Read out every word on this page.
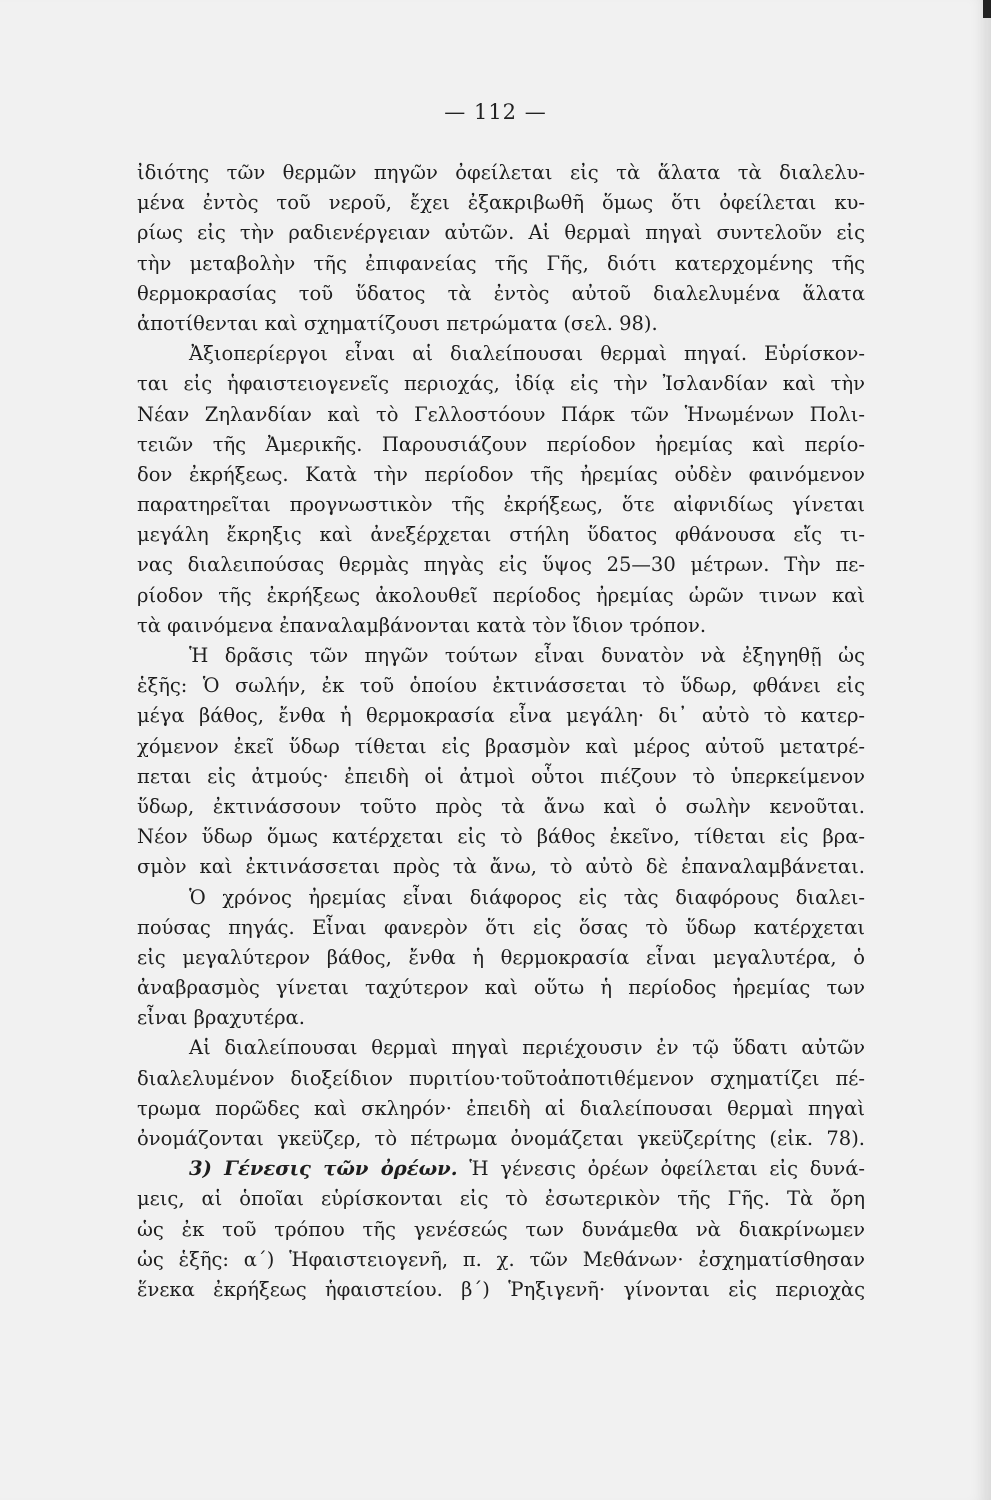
— 112 —
ἰδιότης τῶν θερμῶν πηγῶν ὀφείλεται εἰς τὰ ἅλατα τὰ διαλελυ-
μένα ἐντὸς τοῦ νεροῦ, ἔχει ἐξακριβωθῆ ὅμως ὅτι ὀφείλεται κυ-
ρίως εἰς τὴν ραδιενέργειαν αὐτῶν. Αἱ θερμαὶ πηγαὶ συντελοῦν εἰς
τὴν μεταβολὴν τῆς ἐπιφανείας τῆς Γῆς, διότι κατερχομένης τῆς
θερμοκρασίας τοῦ ὕδατος τὰ ἐντὸς αὐτοῦ διαλελυμένα ἅλατα
ἀποτίθενται καὶ σχηματίζουσι πετρώματα (σελ. 98).
Ἀξιοπερίεργοι εἶναι αἱ διαλείπουσαι θερμαὶ πηγαί. Εὑρίσκον-
ται εἰς ἡφαιστειογενεῖς περιοχάς, ἰδίᾳ εἰς τὴν Ἰσλανδίαν καὶ τὴν
Νέαν Ζηλανδίαν καὶ τὸ Γελλοστόουν Πάρκ τῶν Ἡνωμένων Πολι-
τειῶν τῆς Ἀμερικῆς. Παρουσιάζουν περίοδον ἠρεμίας καὶ περίο-
δον ἐκρήξεως. Κατὰ τὴν περίοδον τῆς ἠρεμίας οὐδὲν φαινόμενον
παρατηρεῖται προγνωστικὸν τῆς ἐκρήξεως, ὅτε αἰφνιδίως γίνεται
μεγάλη ἔκρηξις καὶ ἀνεξέρχεται στήλη ὕδατος φθάνουσα εἴς τι-
νας διαλειπούσας θερμὰς πηγὰς εἰς ὕψος 25—30 μέτρων. Τὴν πε-
ρίοδον τῆς ἐκρήξεως ἀκολουθεῖ περίοδος ἠρεμίας ὡρῶν τινων καὶ
τὰ φαινόμενα ἐπαναλαμβάνονται κατὰ τὸν ἴδιον τρόπον.
Ἡ δρᾶσις τῶν πηγῶν τούτων εἶναι δυνατὸν νὰ ἐξηγηθῇ ὡς
ἑξῆς: Ὁ σωλήν, ἐκ τοῦ ὁποίου ἐκτινάσσεται τὸ ὕδωρ, φθάνει εἰς
μέγα βάθος, ἔνθα ἡ θερμοκρασία εἶνα μεγάλη· δι᾽ αὐτὸ τὸ κατερ-
χόμενον ἐκεῖ ὕδωρ τίθεται εἰς βρασμὸν καὶ μέρος αὐτοῦ μετατρέ-
πεται εἰς ἀτμούς· ἐπειδὴ οἱ ἀτμοὶ οὗτοι πιέζουν τὸ ὑπερκείμενον
ὕδωρ, ἐκτινάσσουν τοῦτο πρὸς τὰ ἄνω καὶ ὁ σωλὴν κενοῦται.
Νέον ὕδωρ ὅμως κατέρχεται εἰς τὸ βάθος ἐκεῖνο, τίθεται εἰς βρα-
σμὸν καὶ ἐκτινάσσεται πρὸς τὰ ἄνω, τὸ αὐτὸ δὲ ἐπαναλαμβάνεται.
Ὁ χρόνος ἠρεμίας εἶναι διάφορος εἰς τὰς διαφόρους διαλει-
πούσας πηγάς. Εἶναι φανερὸν ὅτι εἰς ὅσας τὸ ὕδωρ κατέρχεται
εἰς μεγαλύτερον βάθος, ἔνθα ἡ θερμοκρασία εἶναι μεγαλυτέρα, ὁ
ἀναβρασμὸς γίνεται ταχύτερον καὶ οὕτω ἡ περίοδος ἠρεμίας των
εἶναι βραχυτέρα.
Αἱ διαλείπουσαι θερμαὶ πηγαὶ περιέχουσιν ἐν τῷ ὕδατι αὐτῶν
διαλελυμένον διοξείδιον πυριτίου·τοῦτοἀποτιθέμενον σχηματίζει πέ-
τρωμα πορῶδες καὶ σκληρόν· ἐπειδὴ αἱ διαλείπουσαι θερμαὶ πηγαὶ
ὀνομάζονται γκεϋζερ, τὸ πέτρωμα ὀνομάζεται γκεϋζερίτης (εἰκ. 78).
3) Γένεσις τῶν ὀρέων. Ἡ γένεσις ὀρέων ὀφείλεται εἰς δυνά-
μεις, αἱ ὁποῖαι εὑρίσκονται εἰς τὸ ἐσωτερικὸν τῆς Γῆς. Τὰ ὄρη
ὡς ἐκ τοῦ τρόπου τῆς γενέσεώς των δυνάμεθα νὰ διακρίνωμεν
ὡς ἑξῆς: α´) Ἡφαιστειογενῆ, π. χ. τῶν Μεθάνων· ἐσχηματίσθησαν
ἕνεκα ἐκρήξεως ἡφαιστείου. β´) Ῥηξιγενῆ· γίνονται εἰς περιοχὰς
